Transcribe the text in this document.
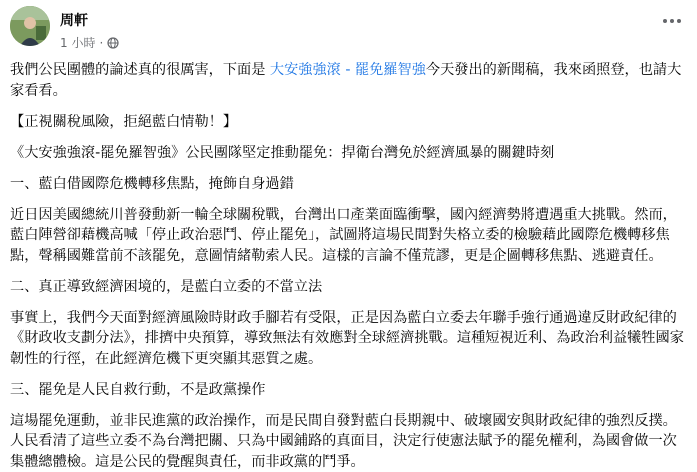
周軒
1 小時 ·

我們公民團體的論述真的很厲害，下面是 大安強強滾 - 罷免羅智強今天發出的新聞稿，我來函照登，也請大家看看。

【正視關稅風險，拒絕藍白情勒！】

《大安強強滾-罷免羅智強》公民團隊堅定推動罷免：捍衛台灣免於經濟風暴的關鍵時刻

一、藍白借國際危機轉移焦點，掩飾自身過錯

近日因美國總統川普發動新一輪全球關稅戰，台灣出口產業面臨衝擊，國內經濟勢將遭遇重大挑戰。然而，藍白陣營卻藉機高喊「停止政治惡鬥、停止罷免」，試圖將這場民間對失格立委的檢驗藉此國際危機轉移焦點，聲稱國難當前不該罷免，意圖情緒勒索人民。這樣的言論不僅荒謬，更是企圖轉移焦點、逃避責任。

二、真正導致經濟困境的，是藍白立委的不當立法

事實上，我們今天面對經濟風險時財政手腳若有受限，正是因為藍白立委去年聯手強行通過違反財政紀律的《財政收支劃分法》，排擠中央預算，導致無法有效應對全球經濟挑戰。這種短視近利、為政治利益犧牲國家韌性的行徑，在此經濟危機下更突顯其惡質之處。

三、罷免是人民自救行動，不是政黨操作

這場罷免運動，並非民進黨的政治操作，而是民間自發對藍白長期親中、破壞國安與財政紀律的強烈反撲。人民看清了這些立委不為台灣把關、只為中國鋪路的真面目，決定行使憲法賦予的罷免權利，為國會做一次集體總體檢。這是公民的覺醒與責任，而非政黨的鬥爭。
